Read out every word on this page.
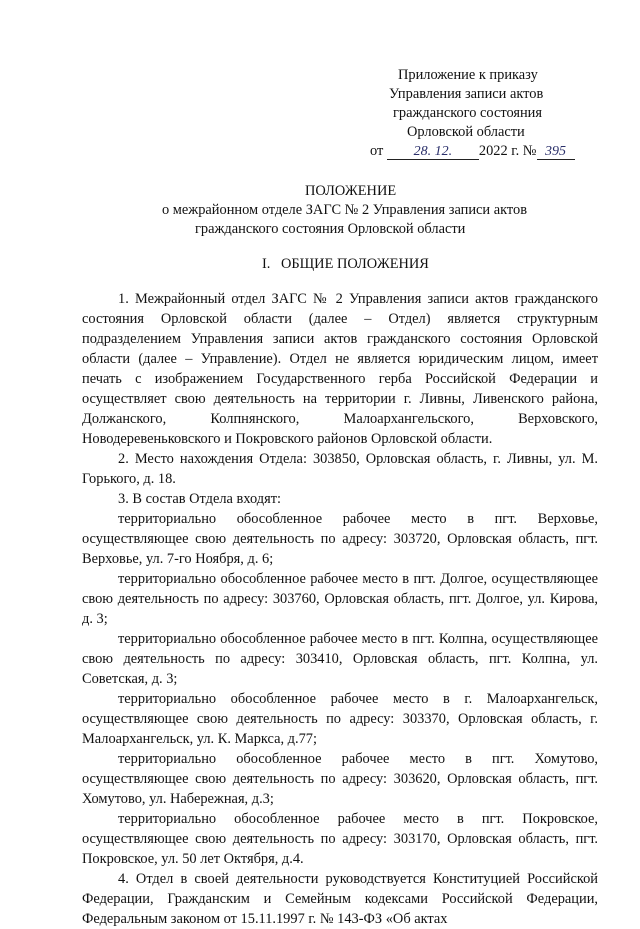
Приложение к приказу
Управления записи актов
гражданского состояния
Орловской области
от 28. 12. 2022 г. № 395
ПОЛОЖЕНИЕ
о межрайонном отделе ЗАГС № 2 Управления записи актов
гражданского состояния Орловской области
I. ОБЩИЕ ПОЛОЖЕНИЯ

1. Межрайонный отдел ЗАГС № 2 Управления записи актов гражданского состояния Орловской области (далее – Отдел) является структурным подразделением Управления записи актов гражданского состояния Орловской области (далее – Управление). Отдел не является юридическим лицом, имеет печать с изображением Государственного герба Российской Федерации и осуществляет свою деятельность на территории г. Ливны, Ливенского района, Должанского, Колпнянского, Малоархангельского, Верховского, Новодеревеньковского и Покровского районов Орловской области.

2. Место нахождения Отдела: 303850, Орловская область, г. Ливны, ул. М. Горького, д. 18.

3. В состав Отдела входят:

территориально обособленное рабочее место в пгт. Верховье, осуществляющее свою деятельность по адресу: 303720, Орловская область, пгт. Верховье, ул. 7-го Ноября, д. 6;

территориально обособленное рабочее место в пгт. Долгое, осуществляющее свою деятельность по адресу: 303760, Орловская область, пгт. Долгое, ул. Кирова, д. 3;

территориально обособленное рабочее место в пгт. Колпна, осуществляющее свою деятельность по адресу: 303410, Орловская область, пгт. Колпна, ул. Советская, д. 3;

территориально обособленное рабочее место в г. Малоархангельск, осуществляющее свою деятельность по адресу: 303370, Орловская область, г. Малоархангельск, ул. К. Маркса, д.77;

территориально обособленное рабочее место в пгт. Хомутово, осуществляющее свою деятельность по адресу: 303620, Орловская область, пгт. Хомутово, ул. Набережная, д.3;

территориально обособленное рабочее место в пгт. Покровское, осуществляющее свою деятельность по адресу: 303170, Орловская область, пгт. Покровское, ул. 50 лет Октября, д.4.

4. Отдел в своей деятельности руководствуется Конституцией Российской Федерации, Гражданским и Семейным кодексами Российской Федерации, Федеральным законом от 15.11.1997 г. № 143-ФЗ «Об актах
